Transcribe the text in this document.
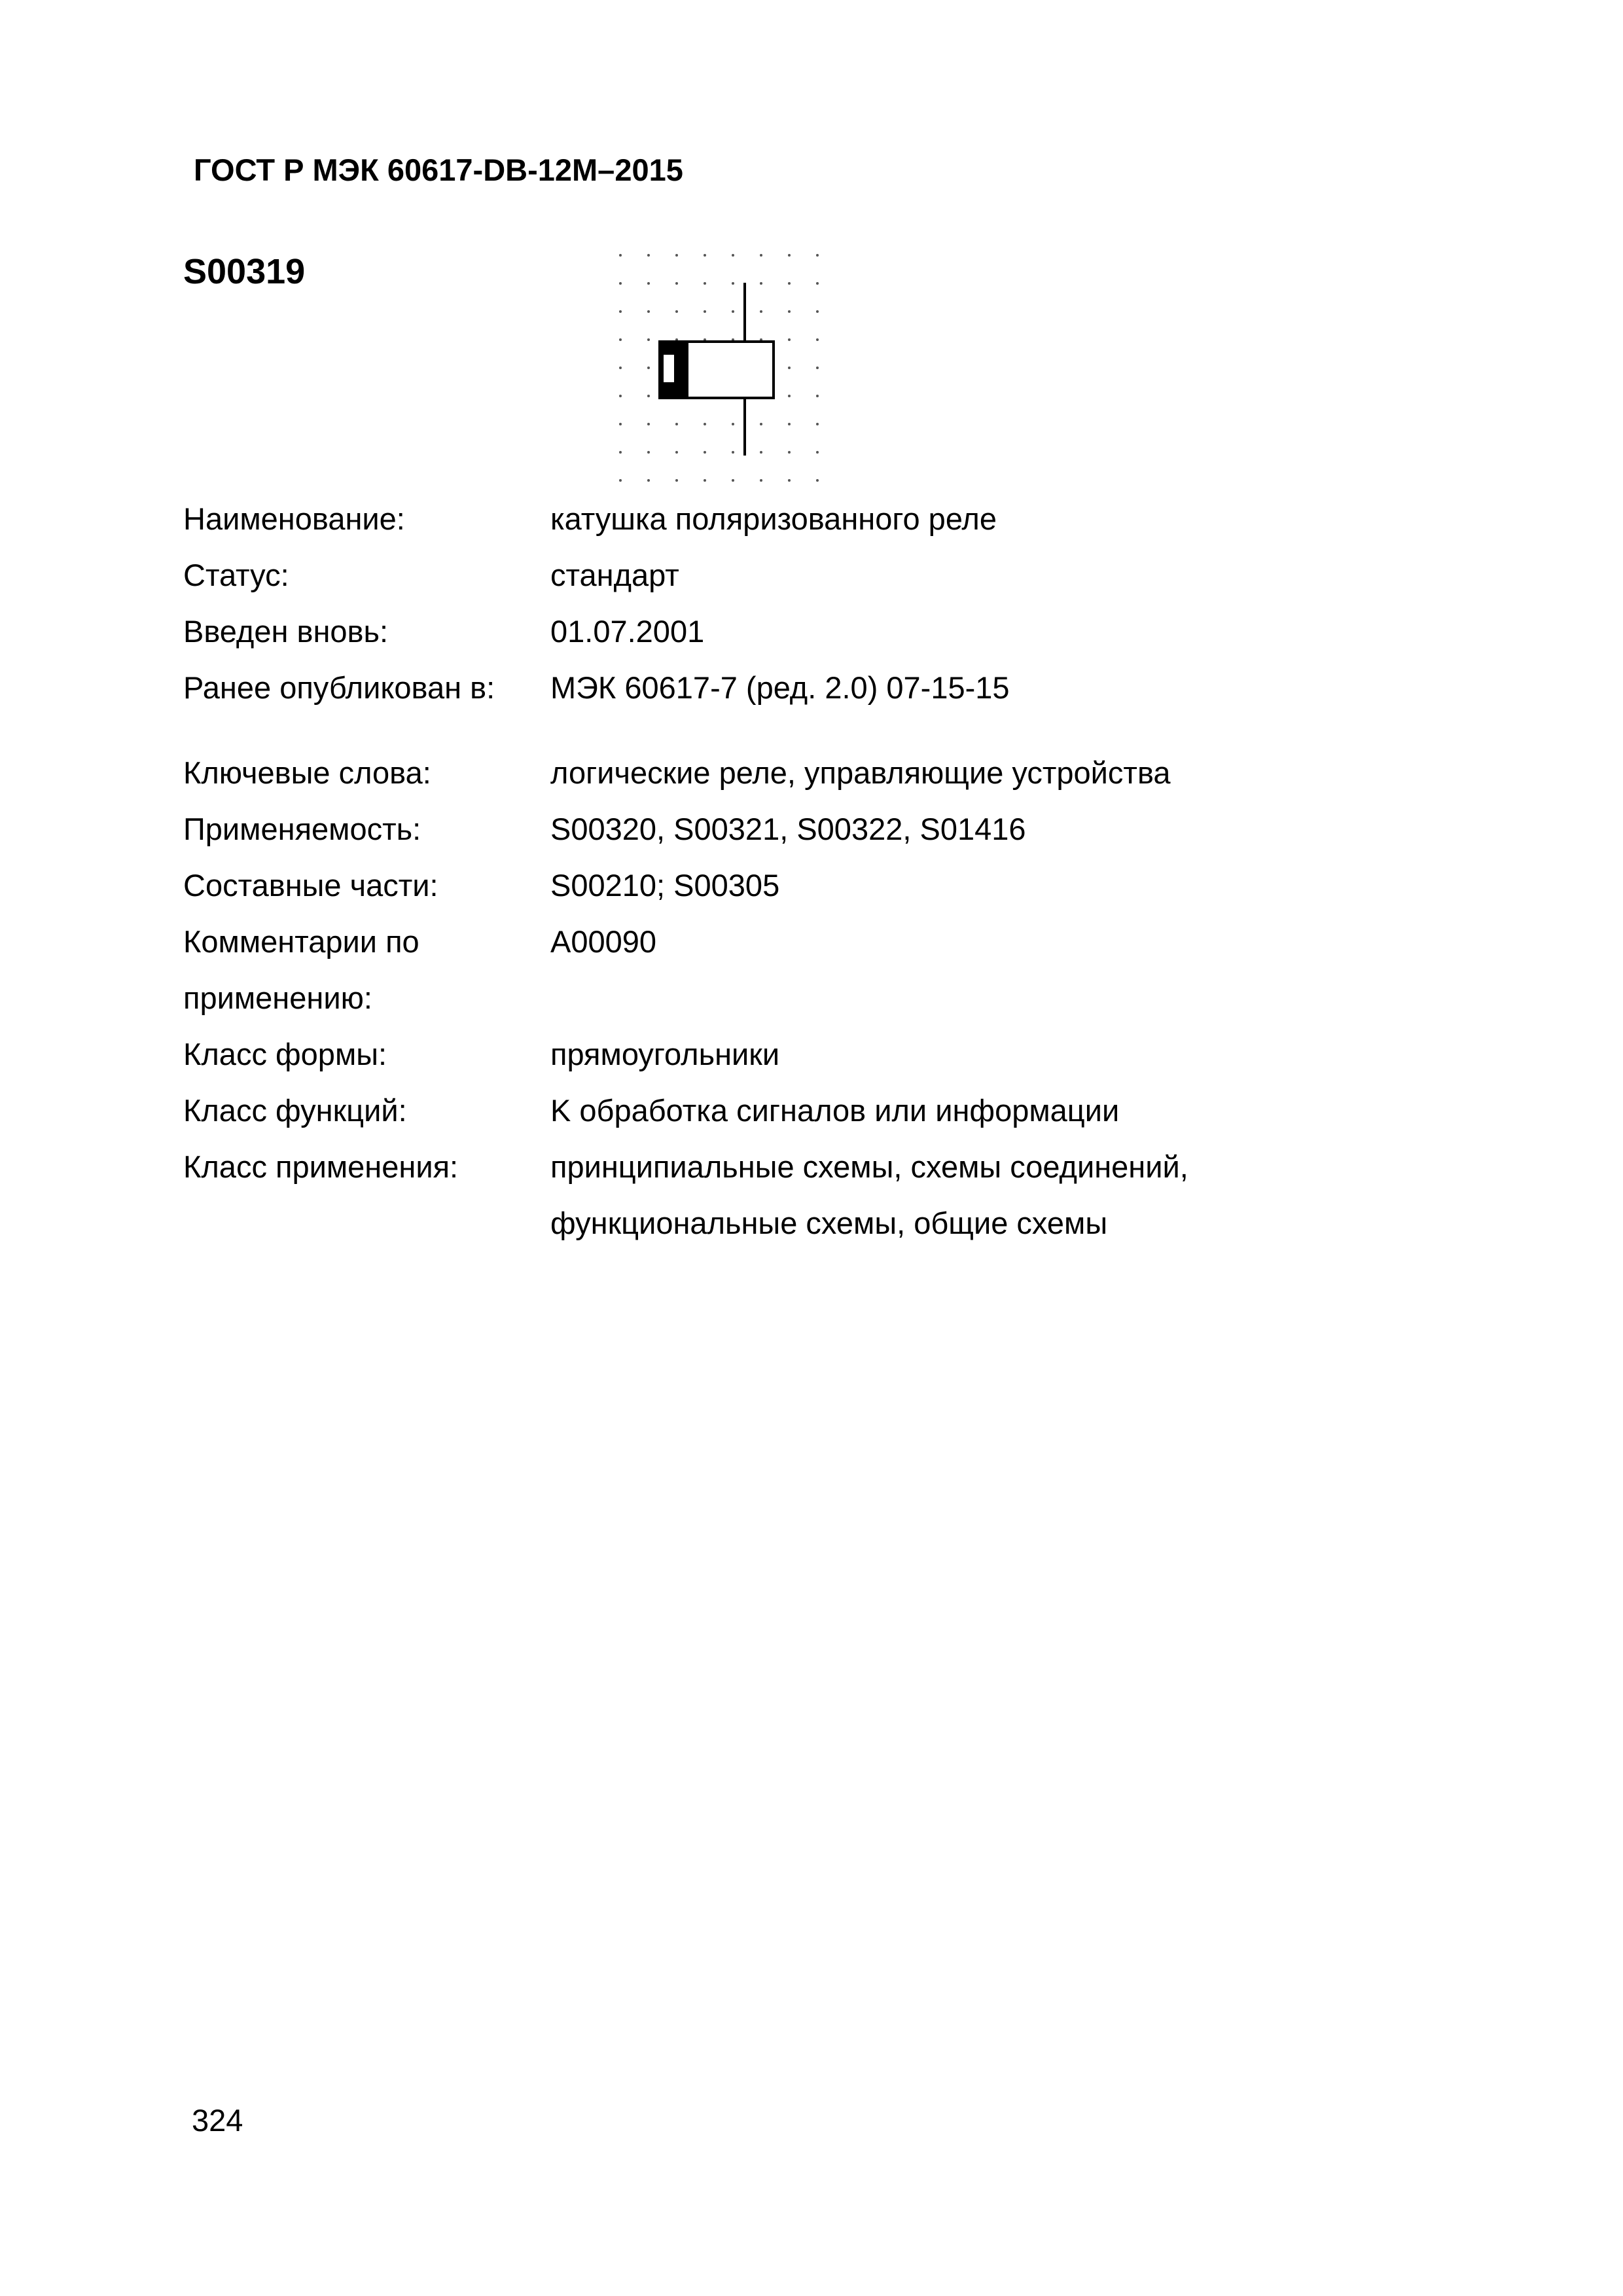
ГОСТ Р МЭК 60617-DB-12M–2015
S00319
Наименование:	катушка поляризованного реле
Статус:	стандарт
Введен вновь:	01.07.2001
Ранее опубликован в:	МЭК 60617-7 (ред. 2.0) 07-15-15
Ключевые слова:	логические реле, управляющие устройства
Применяемость:	S00320, S00321, S00322, S01416
Составные части:	S00210; S00305
Комментарии по применению:
A00090
Класс формы:	прямоугольники
Класс функций:	K обработка сигналов или информации
Класс применения:	принципиальные схемы, схемы соединений,
функциональные схемы, общие схемы
324
